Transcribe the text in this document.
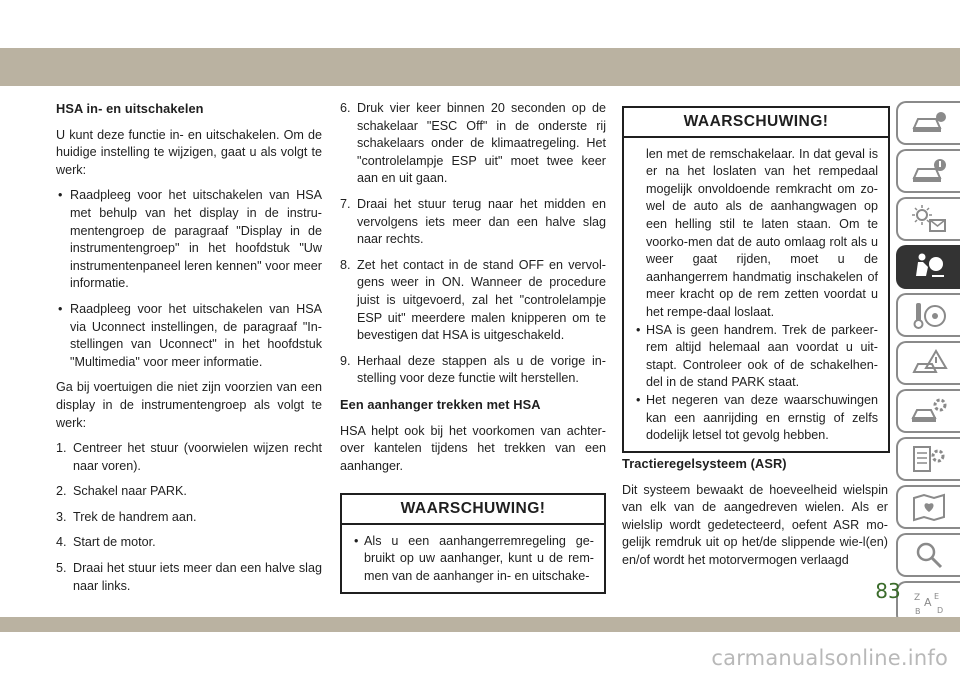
HSA in- en uitschakelen
U kunt deze functie in- en uitschakelen. Om de huidige instelling te wijzigen, gaat u als volgt te werk:
• Raadpleeg voor het uitschakelen van HSA met behulp van het display in de instru-mentengroep de paragraaf "Display in de instrumentengroep" in het hoofdstuk "Uw instrumentenpaneel leren kennen" voor meer informatie.
• Raadpleeg voor het uitschakelen van HSA via Uconnect instellingen, de paragraaf "In-stellingen van Uconnect" in het hoofdstuk "Multimedia" voor meer informatie.
Ga bij voertuigen die niet zijn voorzien van een display in de instrumentengroep als volgt te werk:
1. Centreer het stuur (voorwielen wijzen recht naar voren).
2. Schakel naar PARK.
3. Trek de handrem aan.
4. Start de motor.
5. Draai het stuur iets meer dan een halve slag naar links.
6. Druk vier keer binnen 20 seconden op de schakelaar "ESC Off" in de onderste rij schakelaars onder de klimaatregeling. Het "controlelampje ESP uit" moet twee keer aan en uit gaan.
7. Draai het stuur terug naar het midden en vervolgens iets meer dan een halve slag naar rechts.
8. Zet het contact in de stand OFF en vervol-gens weer in ON. Wanneer de procedure juist is uitgevoerd, zal het "controlelampje ESP uit" meerdere malen knipperen om te bevestigen dat HSA is uitgeschakeld.
9. Herhaal deze stappen als u de vorige in-stelling voor deze functie wilt herstellen.
Een aanhanger trekken met HSA
HSA helpt ook bij het voorkomen van achter-over kantelen tijdens het trekken van een aanhanger.
WAARSCHUWING!
• Als u een aanhangerremregeling ge-bruikt op uw aanhanger, kunt u de rem-men van de aanhanger in- en uitschake-
WAARSCHUWING!
len met de remschakelaar. In dat geval is er na het loslaten van het rempedaal mogelijk onvoldoende remkracht om zo-wel de auto als de aanhangwagen op een helling stil te laten staan. Om te voorko-men dat de auto omlaag rolt als u weer gaat rijden, moet u de aanhangerrem handmatig inschakelen of meer kracht op de rem zetten voordat u het rempe-daal loslaat.
• HSA is geen handrem. Trek de parkeer-rem altijd helemaal aan voordat u uit-stapt. Controleer ook of de schakelhen-del in de stand PARK staat.
• Het negeren van deze waarschuwingen kan een aanrijding en ernstig of zelfs dodelijk letsel tot gevolg hebben.
Tractieregelsysteem (ASR)
Dit systeem bewaakt de hoeveelheid wielspin van elk van de aangedreven wielen. Als er wielslip wordt gedetecteerd, oefent ASR mo-gelijk remdruk uit op het/de slippende wie-l(en) en/of wordt het motorvermogen verlaagd
Z E
A
B D
83
carmanualsonline.info
